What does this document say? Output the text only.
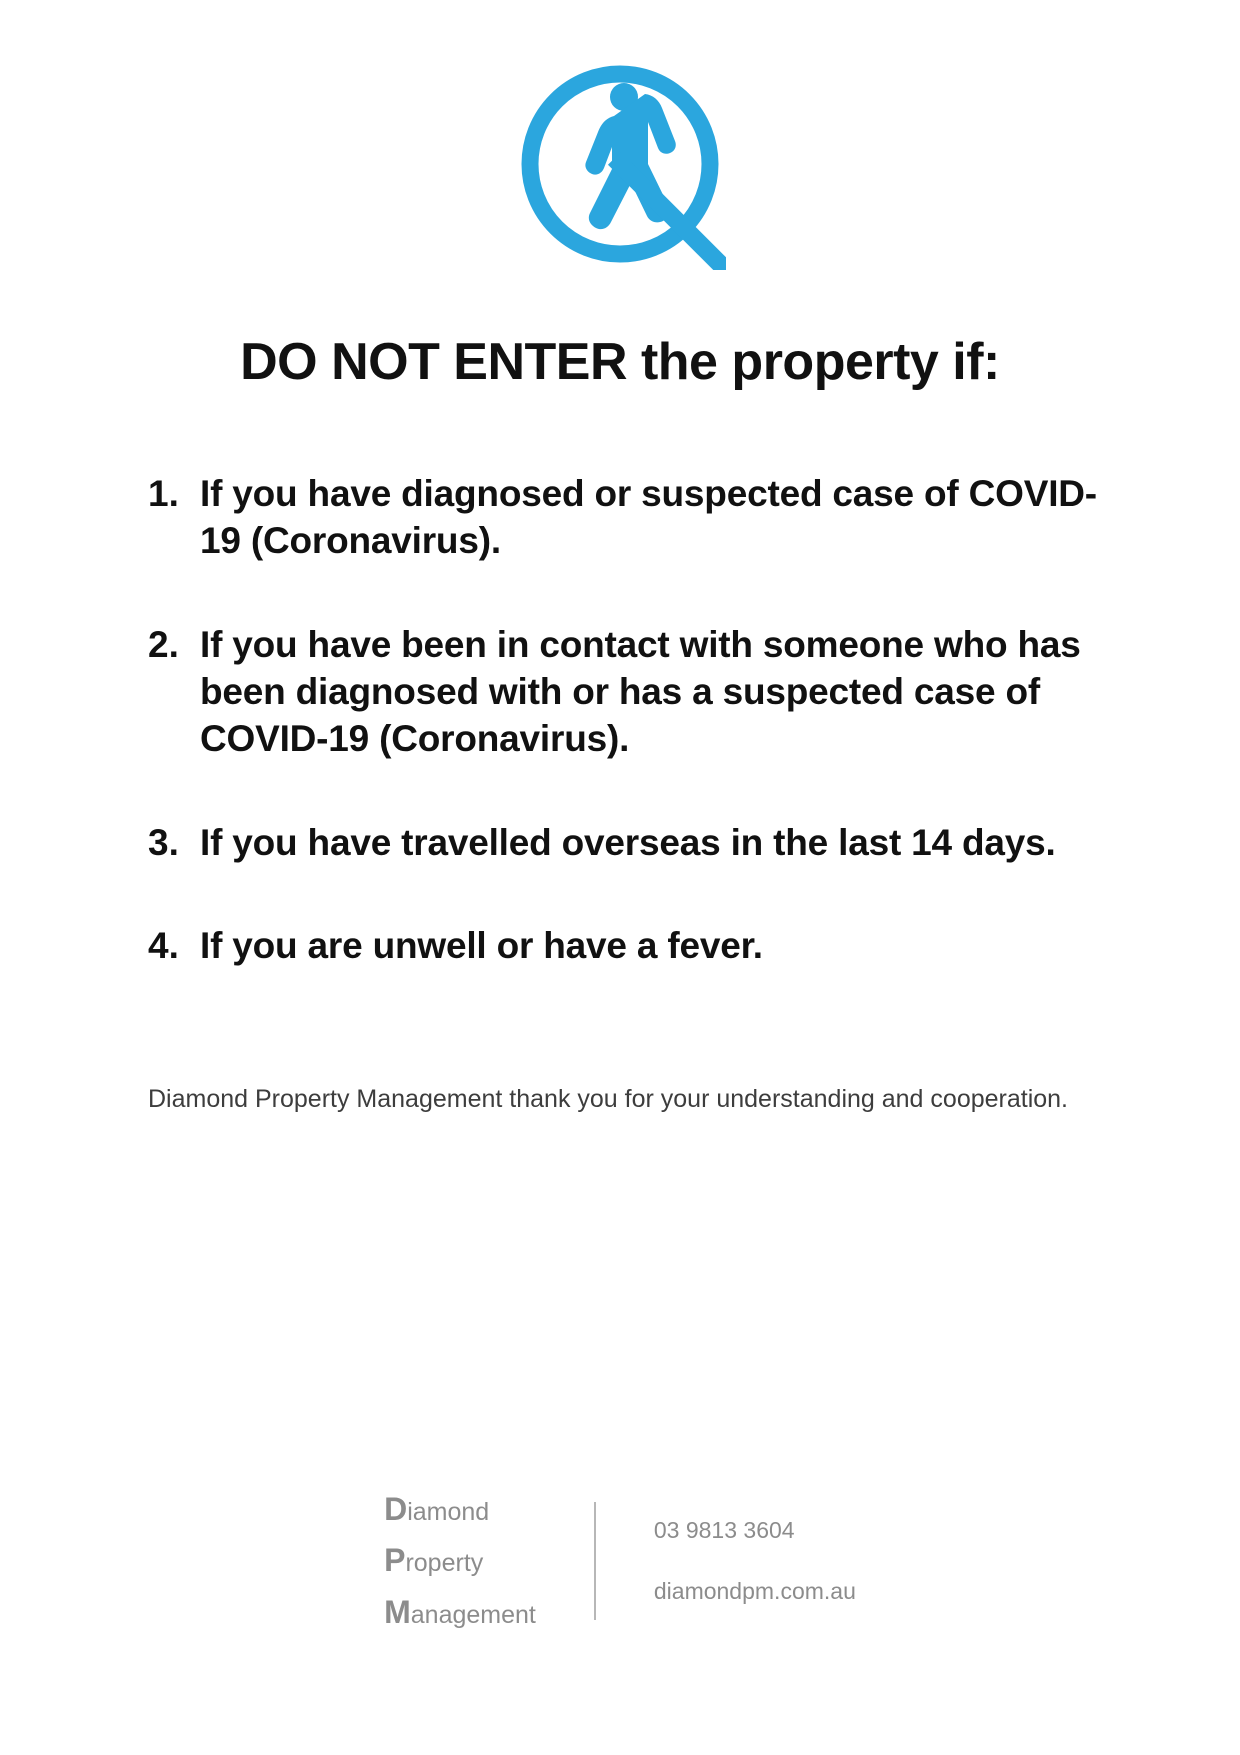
DO NOT ENTER the property if:
1. If you have diagnosed or suspected case of COVID-19 (Coronavirus).
2. If you have been in contact with someone who has been diagnosed with or has a suspected case of COVID-19 (Coronavirus).
3. If you have travelled overseas in the last 14 days.
4. If you are unwell or have a fever.
Diamond Property Management thank you for your understanding and cooperation.
Diamond
Property
Management
03 9813 3604
diamondpm.com.au
